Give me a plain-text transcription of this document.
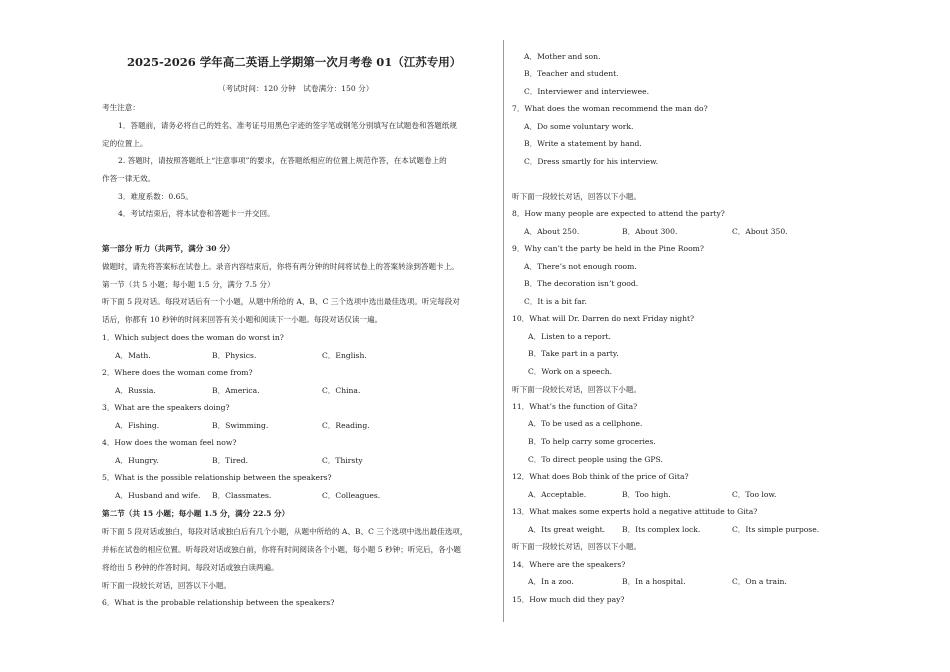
2025-2026 学年高二英语上学期第一次月考卷 01（江苏专用）
（考试时间：120 分钟　试卷满分：150 分）
考生注意：
1．答题前，请务必将自己的姓名、准考证号用黑色字迹的签字笔或钢笔分别填写在试题卷和答题纸规
定的位置上。
2. 答题时，请按照答题纸上“注意事项”的要求，在答题纸相应的位置上规范作答，在本试题卷上的
作答一律无效。
3．难度系数：0.65。
4．考试结束后，将本试卷和答题卡一并交回。
第一部分 听力（共两节，满分 30 分）
做题时，请先将答案标在试卷上。录音内容结束后，你将有两分钟的时间将试卷上的答案转涂到答题卡上。
第一节（共 5 小题；每小题 1.5 分，满分 7.5 分）
听下面 5 段对话。每段对话后有一个小题，从题中所给的 A、B、C 三个选项中选出最佳选项。听完每段对
话后，你都有 10 秒钟的时间来回答有关小题和阅读下一小题。每段对话仅读一遍。
1．Which subject does the woman do worst in?
A．Math.	B．Physics.	C．English.
2．Where does the woman come from?
A．Russia.	B．America.	C．China.
3．What are the speakers doing?
A．Fishing.	B．Swimming.	C．Reading.
4．How does the woman feel now?
A．Hungry.	B．Tired.	C．Thirsty
5．What is the possible relationship between the speakers?
A．Husband and wife. B．Classmates.	C．Colleagues.
第二节（共 15 小题；每小题 1.5 分，满分 22.5 分）
听下面 5 段对话或独白，每段对话或独白后有几个小题，从题中所给的 A、B、C 三个选项中选出最佳选项，
并标在试卷的相应位置。听每段对话或独白前，你将有时间阅读各个小题，每小题 5 秒钟；听完后，各小题
将给出 5 秒钟的作答时间。每段对话或独白读两遍。
听下面一段较长对话，回答以下小题。
6．What is the probable relationship between the speakers?
A．Mother and son.
B．Teacher and student.
C．Interviewer and interviewee.
7．What does the woman recommend the man do?
A．Do some voluntary work.
B．Write a statement by hand.
C．Dress smartly for his interview.
听下面一段较长对话，回答以下小题。
8．How many people are expected to attend the party?
A．About 250.	B．About 300.	C．About 350.
9．Why can’t the party be held in the Pine Room?
A．There’s not enough room.
B．The decoration isn’t good.
C．It is a bit far.
10．What will Dr. Darren do next Friday night?
A．Listen to a report.
B．Take part in a party.
C．Work on a speech.
听下面一段较长对话，回答以下小题。
11．What’s the function of Gita?
A．To be used as a cellphone.
B．To help carry some groceries.
C．To direct people using the GPS.
12．What does Bob think of the price of Gita?
A．Acceptable.	B．Too high.	C．Too low.
13．What makes some experts hold a negative attitude to Gita?
A．Its great weight. B．Its complex lock.	C．Its simple purpose.
听下面一段较长对话，回答以下小题。
14．Where are the speakers?
A．In a zoo.	B．In a hospital.	C．On a train.
15．How much did they pay?
